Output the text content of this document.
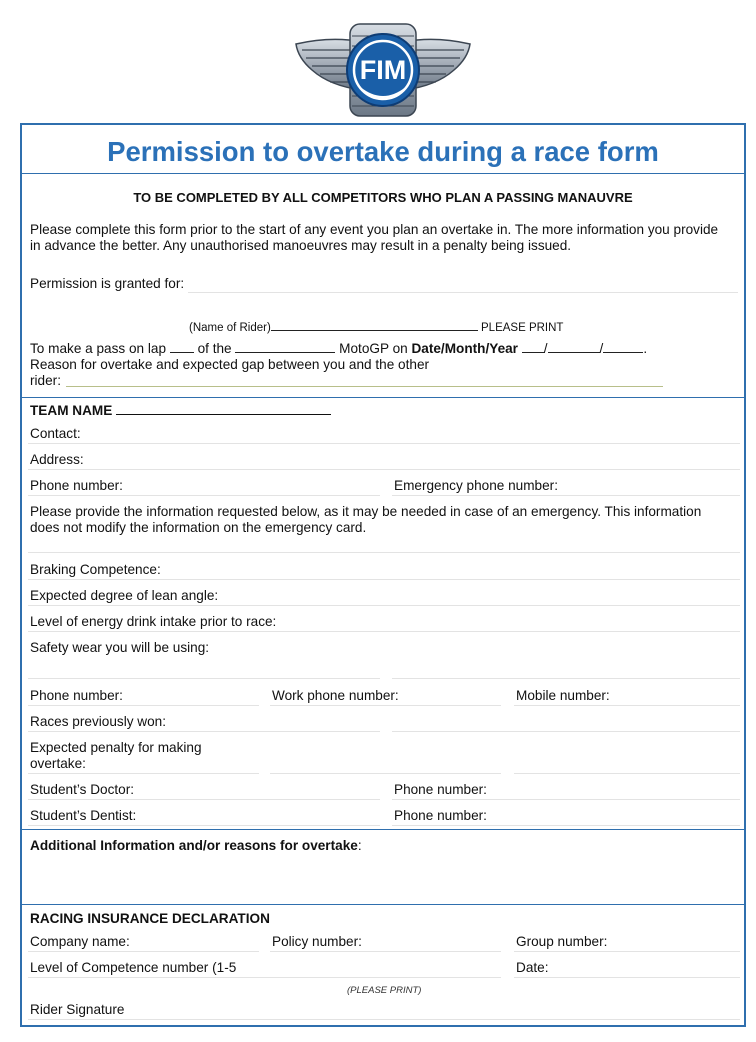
FIM
Permission to overtake during a race form
TO BE COMPLETED BY ALL COMPETITORS WHO PLAN A PASSING MANAUVRE
Please complete this form prior to the start of any event you plan an overtake in. The more information you provide
in advance the better. Any unauthorised manoeuvres may result in a penalty being issued.
Permission is granted for:
(Name of Rider)	PLEASE PRINT
To make a pass on lap of the	MotoGP on Date/Month/Year /	/	.
Reason for overtake and expected gap between you and the other
rider:
TEAM NAME
Contact:
Address:
Phone number:	Emergency phone number:
Please provide the information requested below, as it may be needed in case of an emergency. This information
does not modify the information on the emergency card.
Braking Competence:
Expected degree of lean angle:
Level of energy drink intake prior to race:
Safety wear you will be using:
Phone number:	Work phone number:	Mobile number:
Races previously won:
Expected penalty for making
overtake:
Student’s Doctor:	Phone number:
Student’s Dentist:	Phone number:
Additional Information and/or reasons for overtake:
RACING INSURANCE DECLARATION
Company name:	Policy number:	Group number:
Level of Competence number (1-5	Date:
(PLEASE PRINT)
Rider Signature
